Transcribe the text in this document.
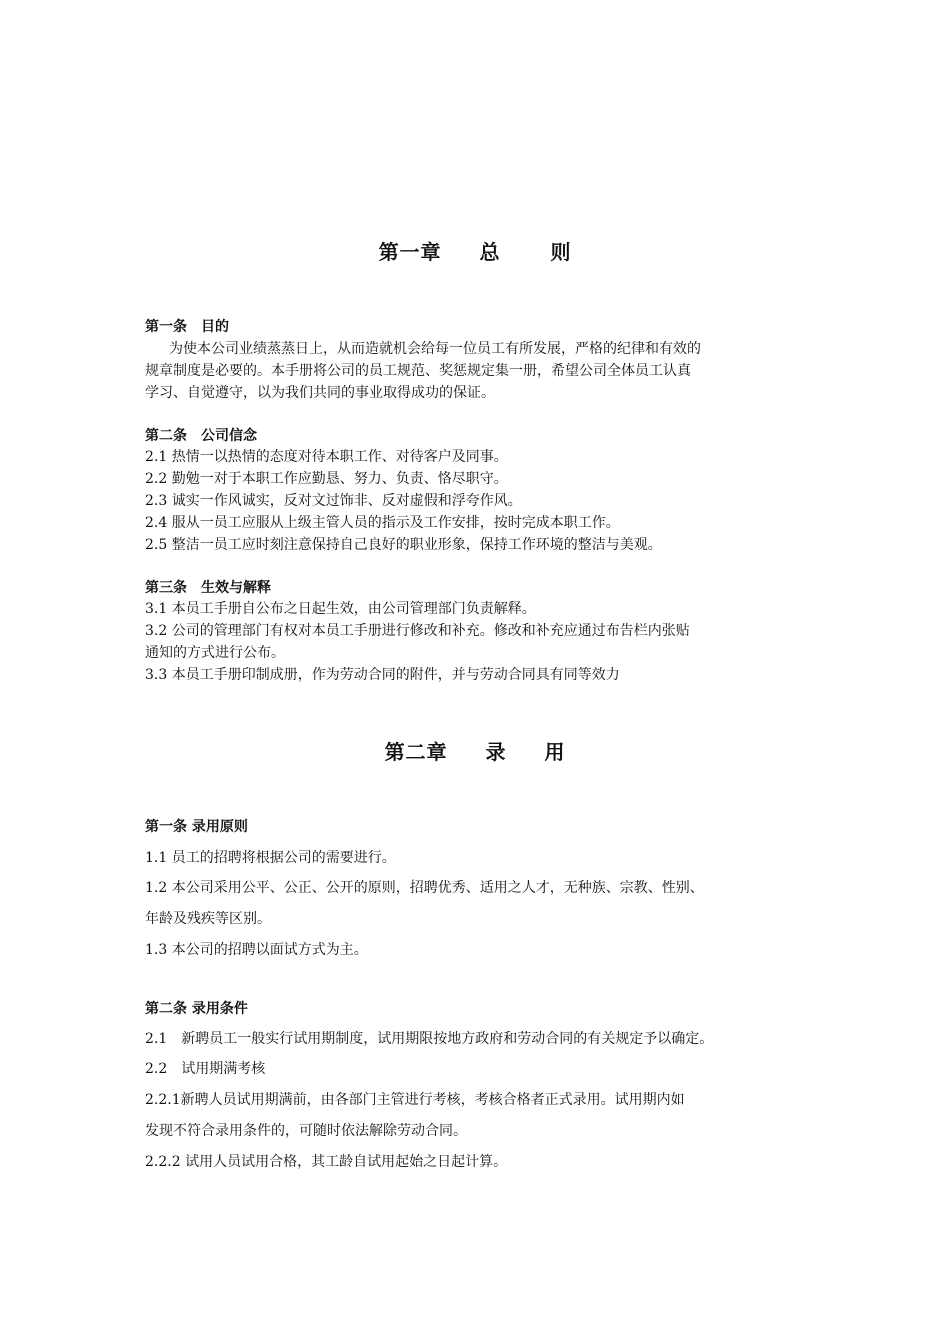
第一章 总 则
第一条　目的
为使本公司业绩蒸蒸日上，从而造就机会给每一位员工有所发展，严格的纪律和有效的
规章制度是必要的。本手册将公司的员工规范、奖惩规定集一册，希望公司全体员工认真
学习、自觉遵守，以为我们共同的事业取得成功的保证。
第二条　公司信念
2.1 热情一以热情的态度对待本职工作、对待客户及同事。
2.2 勤勉一对于本职工作应勤恳、努力、负责、恪尽职守。
2.3 诚实一作风诚实，反对文过饰非、反对虚假和浮夸作风。
2.4 服从一员工应服从上级主管人员的指示及工作安排，按时完成本职工作。
2.5 整洁一员工应时刻注意保持自己良好的职业形象，保持工作环境的整洁与美观。
第三条　生效与解释
3.1 本员工手册自公布之日起生效，由公司管理部门负责解释。
3.2 公司的管理部门有权对本员工手册进行修改和补充。修改和补充应通过布告栏内张贴
通知的方式进行公布。
3.3 本员工手册印制成册，作为劳动合同的附件，并与劳动合同具有同等效力
第二章 录 用
第一条 录用原则
1.1 员工的招聘将根据公司的需要进行。
1.2 本公司采用公平、公正、公开的原则，招聘优秀、适用之人才，无种族、宗教、性别、
年龄及残疾等区别。
1.3 本公司的招聘以面试方式为主。
第二条 录用条件
2.1　新聘员工一般实行试用期制度，试用期限按地方政府和劳动合同的有关规定予以确定。
2.2　试用期满考核
2.2.1新聘人员试用期满前，由各部门主管进行考核，考核合格者正式录用。试用期内如
发现不符合录用条件的，可随时依法解除劳动合同。
2.2.2 试用人员试用合格，其工龄自试用起始之日起计算。
